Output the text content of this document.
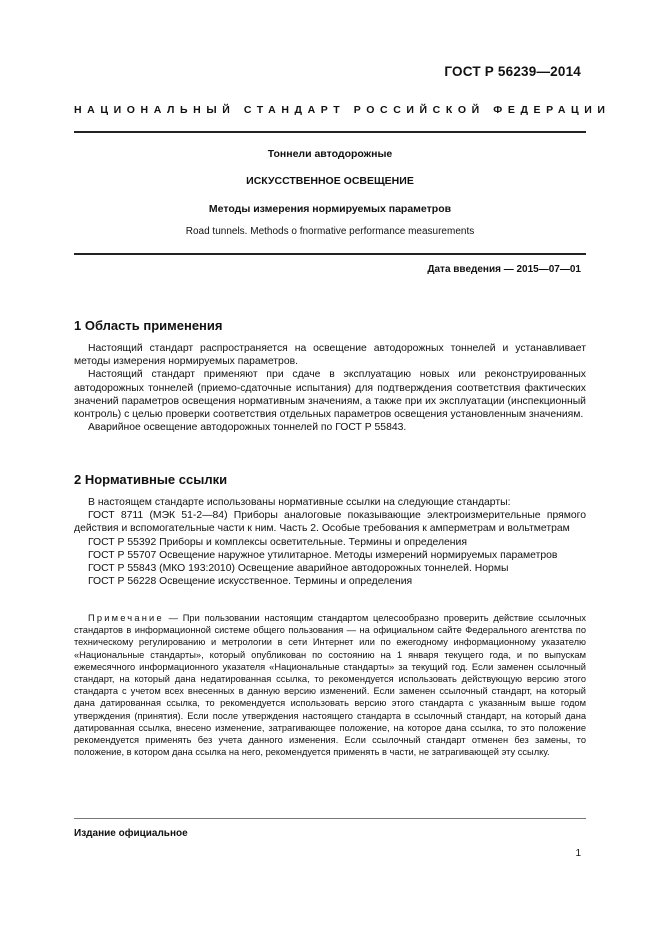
ГОСТ Р 56239—2014
НАЦИОНАЛЬНЫЙ СТАНДАРТ РОССИЙСКОЙ ФЕДЕРАЦИИ
Тоннели автодорожные
ИСКУССТВЕННОЕ ОСВЕЩЕНИЕ
Методы измерения нормируемых параметров
Road tunnels. Methods o fnormative performance measurements
Дата введения — 2015—07—01
1 Область применения

Настоящий стандарт распространяется на освещение автодорожных тоннелей и устанавливает методы измерения нормируемых параметров.

Настоящий стандарт применяют при сдаче в эксплуатацию новых или реконструированных автодорожных тоннелей (приемо-сдаточные испытания) для подтверждения соответствия фактических значений параметров освещения нормативным значениям, а также при их эксплуатации (инспекционный контроль) с целью проверки соответствия отдельных параметров освещения установленным значениям.

Аварийное освещение автодорожных тоннелей по ГОСТ Р 55843.

2 Нормативные ссылки

В настоящем стандарте использованы нормативные ссылки на следующие стандарты:

ГОСТ 8711 (МЭК 51-2—84) Приборы аналоговые показывающие электроизмерительные прямого действия и вспомогательные части к ним. Часть 2. Особые требования к амперметрам и вольтметрам

ГОСТ Р 55392 Приборы и комплексы осветительные. Термины и определения

ГОСТ Р 55707 Освещение наружное утилитарное. Методы измерений нормируемых параметров

ГОСТ Р 55843 (МКО 193:2010) Освещение аварийное автодорожных тоннелей. Нормы

ГОСТ Р 56228 Освещение искусственное. Термины и определения

Примечание — При пользовании настоящим стандартом целесообразно проверить действие ссылочных стандартов в информационной системе общего пользования — на официальном сайте Федерального агентства по техническому регулированию и метрологии в сети Интернет или по ежегодному информационному указателю «Национальные стандарты», который опубликован по состоянию на 1 января текущего года, и по выпускам ежемесячного информационного указателя «Национальные стандарты» за текущий год. Если заменен ссылочный стандарт, на который дана недатированная ссылка, то рекомендуется использовать действующую версию этого стандарта с учетом всех внесенных в данную версию изменений. Если заменен ссылочный стандарт, на который дана датированная ссылка, то рекомендуется использовать версию этого стандарта с указанным выше годом утверждения (принятия). Если после утверждения настоящего стандарта в ссылочный стандарт, на который дана датированная ссылка, внесено изменение, затрагивающее положение, на которое дана ссылка, то это положение рекомендуется применять без учета данного изменения. Если ссылочный стандарт отменен без замены, то положение, в котором дана ссылка на него, рекомендуется применять в части, не затрагивающей эту ссылку.

Издание официальное
1
